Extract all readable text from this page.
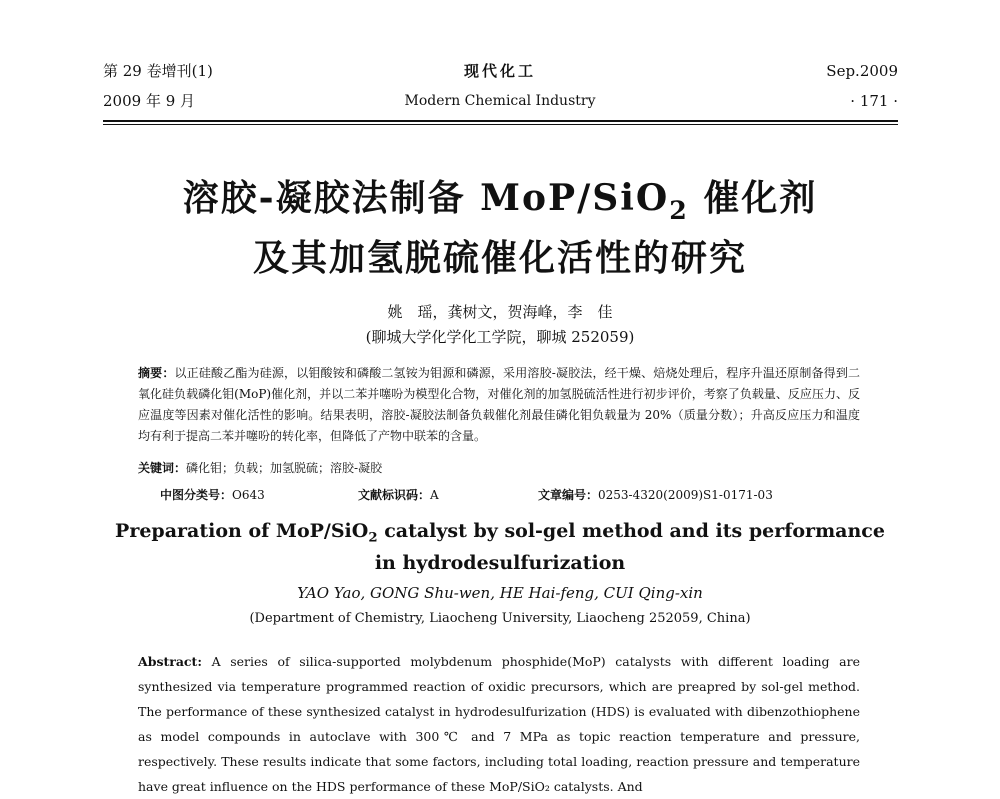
第 29 卷增刊(1)
2009 年 9 月
现代化工
Modern Chemical Industry
Sep.2009
· 171 ·
溶胶-凝胶法制备 MoP/SiO$_2$ 催化剂
及其加氢脱硫催化活性的研究
姚　瑶，龚树文，贺海峰，李　佳
(聊城大学化学化工学院，聊城 252059)
摘要：以正硅酸乙酯为硅源，以钼酸铵和磷酸二氢铵为钼源和磷源，采用溶胶-凝胶法，经干燥、焙烧处理后，程序升温还原制备得到二氧化硅负载磷化钼(MoP)催化剂，并以二苯并噻吩为模型化合物，对催化剂的加氢脱硫活性进行初步评价，考察了负载量、反应压力、反应温度等因素对催化活性的影响。结果表明，溶胶-凝胶法制备负载催化剂最佳磷化钼负载量为 20%（质量分数）；升高反应压力和温度均有利于提高二苯并噻吩的转化率，但降低了产物中联苯的含量。
关键词：磷化钼；负载；加氢脱硫；溶胶-凝胶
中图分类号：O643	文献标识码：A	文章编号：0253-4320(2009)S1-0171-03
Preparation of MoP/SiO$_2$ catalyst by sol-gel method and its performance
in hydrodesulfurization
YAO Yao, GONG Shu-wen, HE Hai-feng, CUI Qing-xin
(Department of Chemistry, Liaocheng University, Liaocheng 252059, China)
Abstract: A series of silica-supported molybdenum phosphide(MoP) catalysts with different loading are synthesized via temperature programmed reaction of oxidic precursors, which are preapred by sol-gel method. The performance of these synthesized catalyst in hydrodesulfurization (HDS) is evaluated with dibenzothiophene as model compounds in autoclave with 300℃ and 7 MPa as topic reaction temperature and pressure, respectively. These results indicate that some factors, including total loading, reaction pressure and temperature have great influence on the HDS performance of these MoP/SiO₂ catalysts. And
